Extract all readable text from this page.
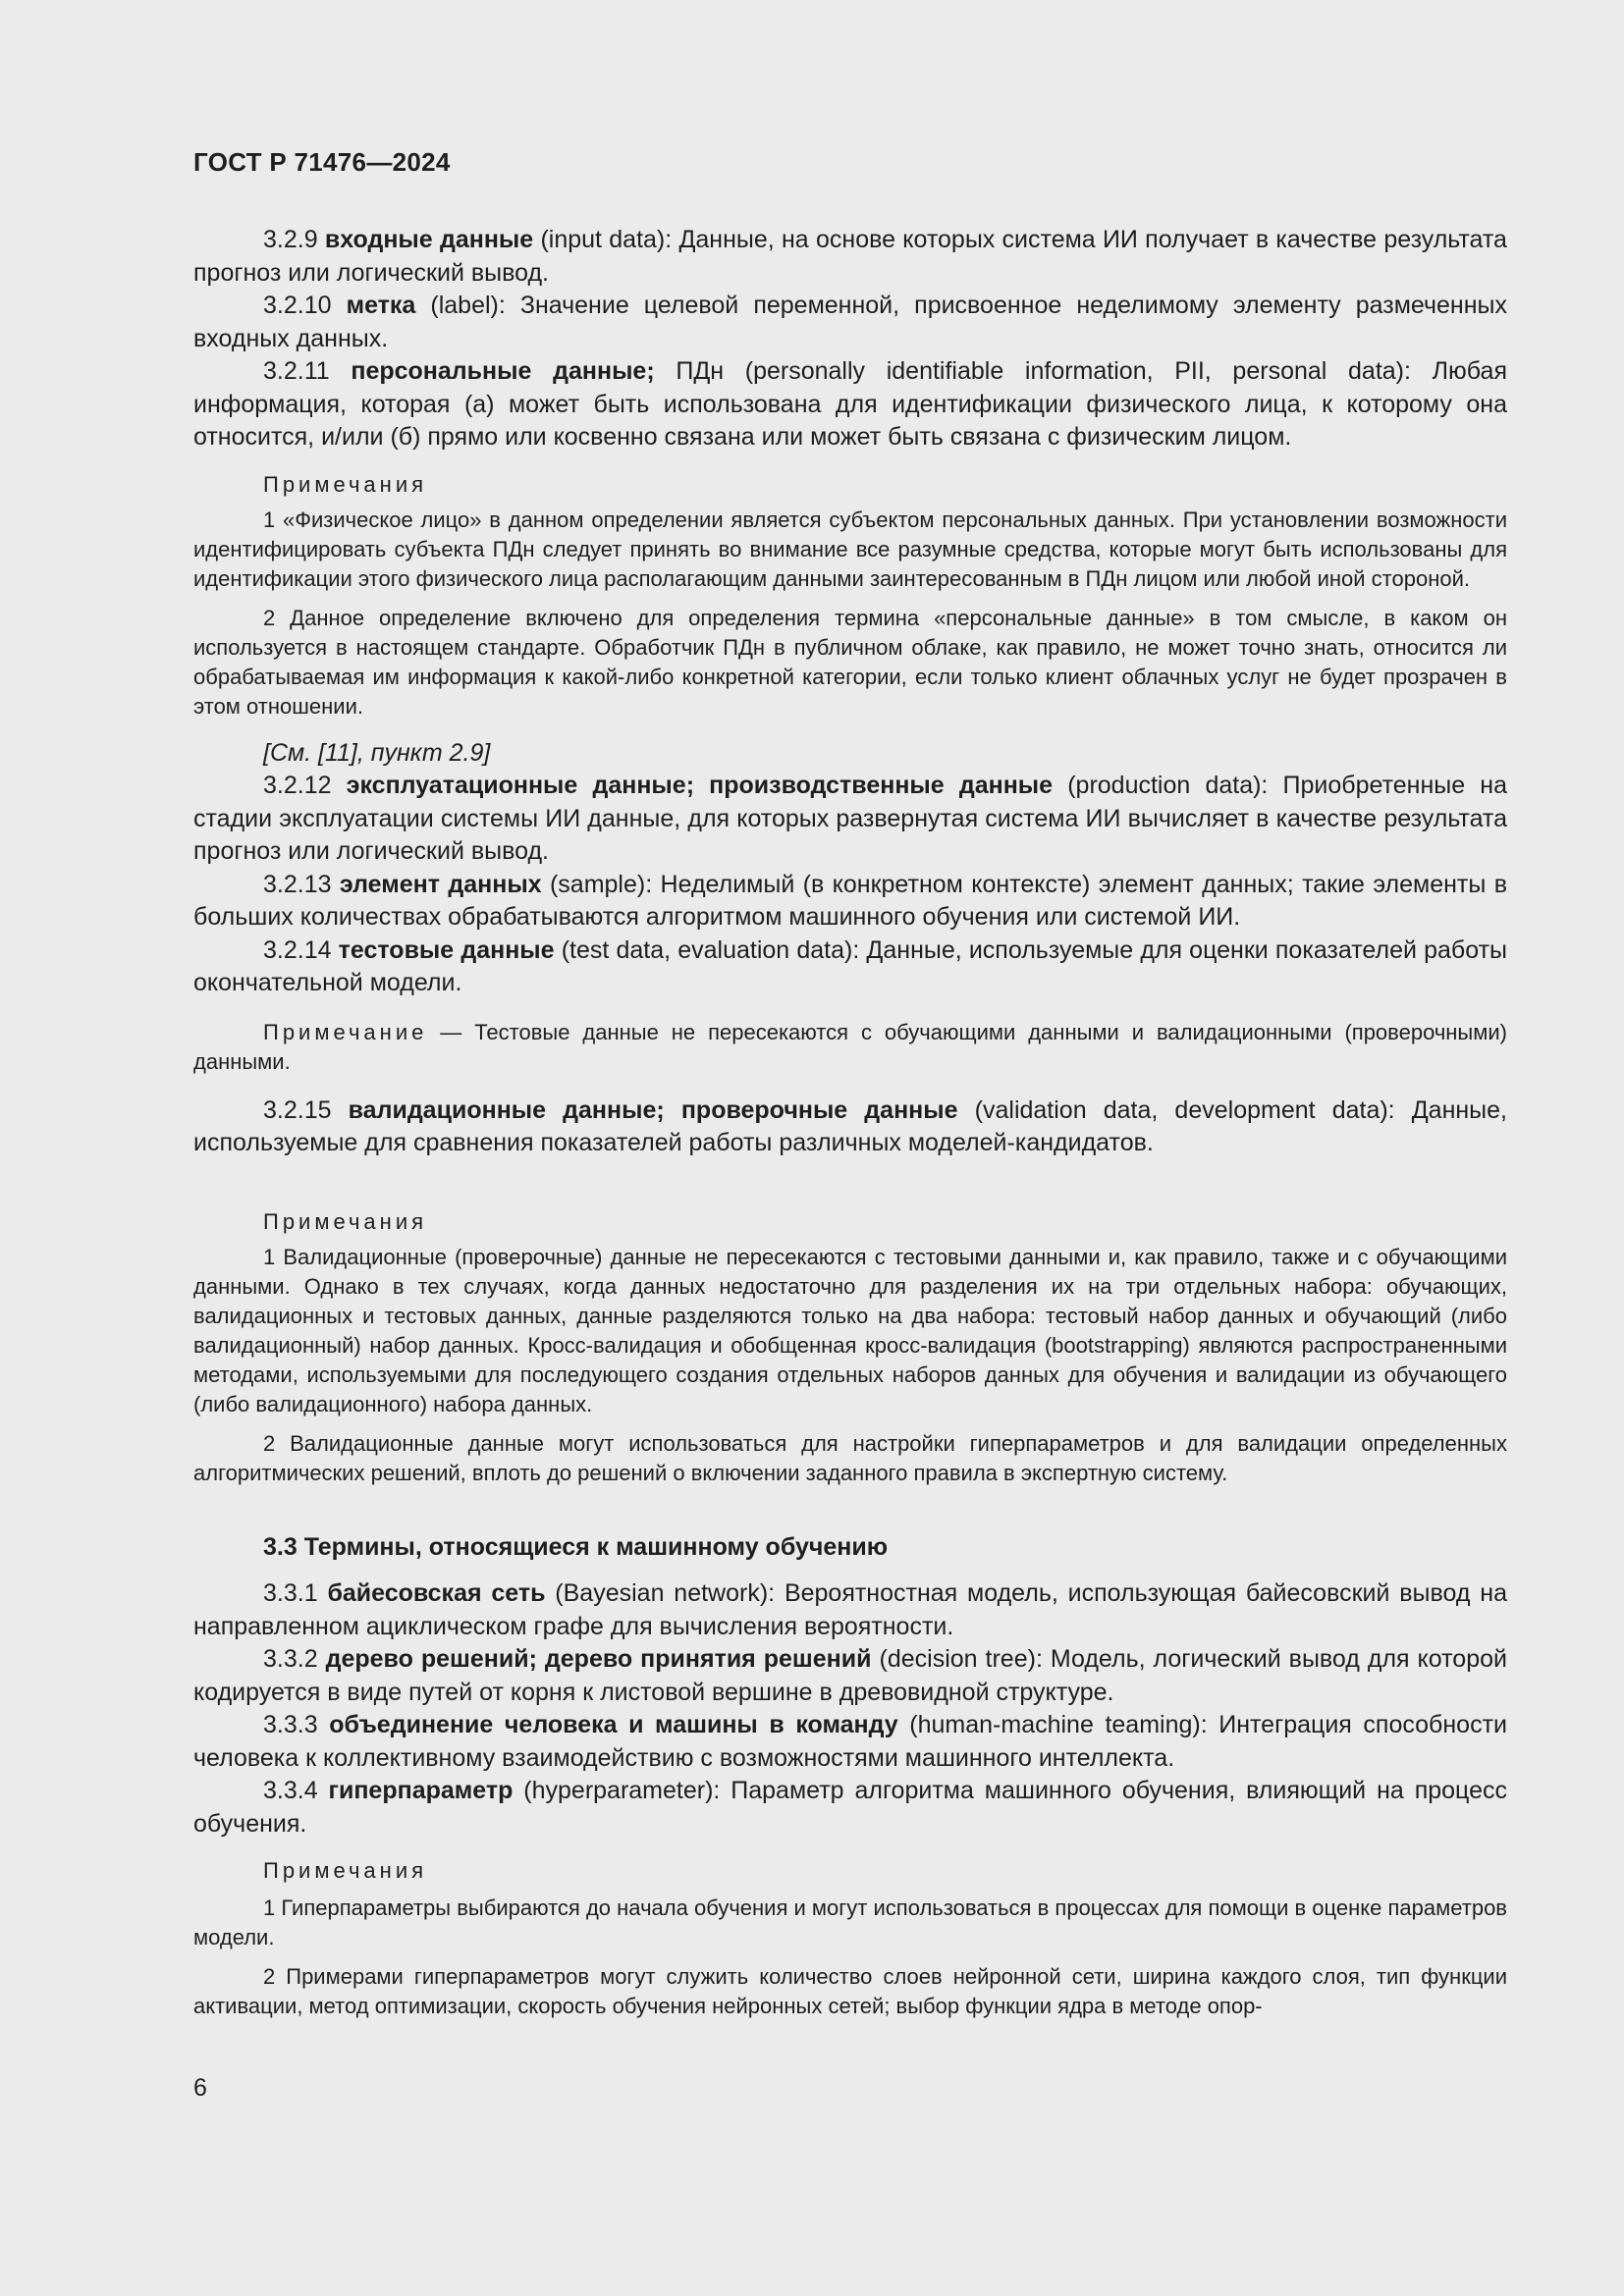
ГОСТ Р 71476—2024

3.2.9 входные данные (input data): Данные, на основе которых система ИИ получает в качестве результата прогноз или логический вывод.

3.2.10 метка (label): Значение целевой переменной, присвоенное неделимому элементу размеченных входных данных.

3.2.11 персональные данные; ПДн (personally identifiable information, PII, personal data): Любая информация, которая (а) может быть использована для идентификации физического лица, к которому она относится, и/или (б) прямо или косвенно связана или может быть связана с физическим лицом.

Примечания

1 «Физическое лицо» в данном определении является субъектом персональных данных. При установлении возможности идентифицировать субъекта ПДн следует принять во внимание все разумные средства, которые могут быть использованы для идентификации этого физического лица располагающим данными заинтересованным в ПДн лицом или любой иной стороной.

2 Данное определение включено для определения термина «персональные данные» в том смысле, в каком он используется в настоящем стандарте. Обработчик ПДн в публичном облаке, как правило, не может точно знать, относится ли обрабатываемая им информация к какой-либо конкретной категории, если только клиент облачных услуг не будет прозрачен в этом отношении.

[См. [11], пункт 2.9]

3.2.12 эксплуатационные данные; производственные данные (production data): Приобретенные на стадии эксплуатации системы ИИ данные, для которых развернутая система ИИ вычисляет в качестве результата прогноз или логический вывод.

3.2.13 элемент данных (sample): Неделимый (в конкретном контексте) элемент данных; такие элементы в больших количествах обрабатываются алгоритмом машинного обучения или системой ИИ.

3.2.14 тестовые данные (test data, evaluation data): Данные, используемые для оценки показателей работы окончательной модели.

Примечание — Тестовые данные не пересекаются с обучающими данными и валидационными (проверочными) данными.

3.2.15 валидационные данные; проверочные данные (validation data, development data): Данные, используемые для сравнения показателей работы различных моделей-кандидатов.

Примечания

1 Валидационные (проверочные) данные не пересекаются с тестовыми данными и, как правило, также и с обучающими данными. Однако в тех случаях, когда данных недостаточно для разделения их на три отдельных набора: обучающих, валидационных и тестовых данных, данные разделяются только на два набора: тестовый набор данных и обучающий (либо валидационный) набор данных. Кросс-валидация и обобщенная кросс-валидация (bootstrapping) являются распространенными методами, используемыми для последующего создания отдельных наборов данных для обучения и валидации из обучающего (либо валидационного) набора данных.

2 Валидационные данные могут использоваться для настройки гиперпараметров и для валидации определенных алгоритмических решений, вплоть до решений о включении заданного правила в экспертную систему.

3.3 Термины, относящиеся к машинному обучению

3.3.1 байесовская сеть (Bayesian network): Вероятностная модель, использующая байесовский вывод на направленном ациклическом графе для вычисления вероятности.

3.3.2 дерево решений; дерево принятия решений (decision tree): Модель, логический вывод для которой кодируется в виде путей от корня к листовой вершине в древовидной структуре.

3.3.3 объединение человека и машины в команду (human-machine teaming): Интеграция способности человека к коллективному взаимодействию с возможностями машинного интеллекта.

3.3.4 гиперпараметр (hyperparameter): Параметр алгоритма машинного обучения, влияющий на процесс обучения.

Примечания

1 Гиперпараметры выбираются до начала обучения и могут использоваться в процессах для помощи в оценке параметров модели.

2 Примерами гиперпараметров могут служить количество слоев нейронной сети, ширина каждого слоя, тип функции активации, метод оптимизации, скорость обучения нейронных сетей; выбор функции ядра в методе опор-

6
